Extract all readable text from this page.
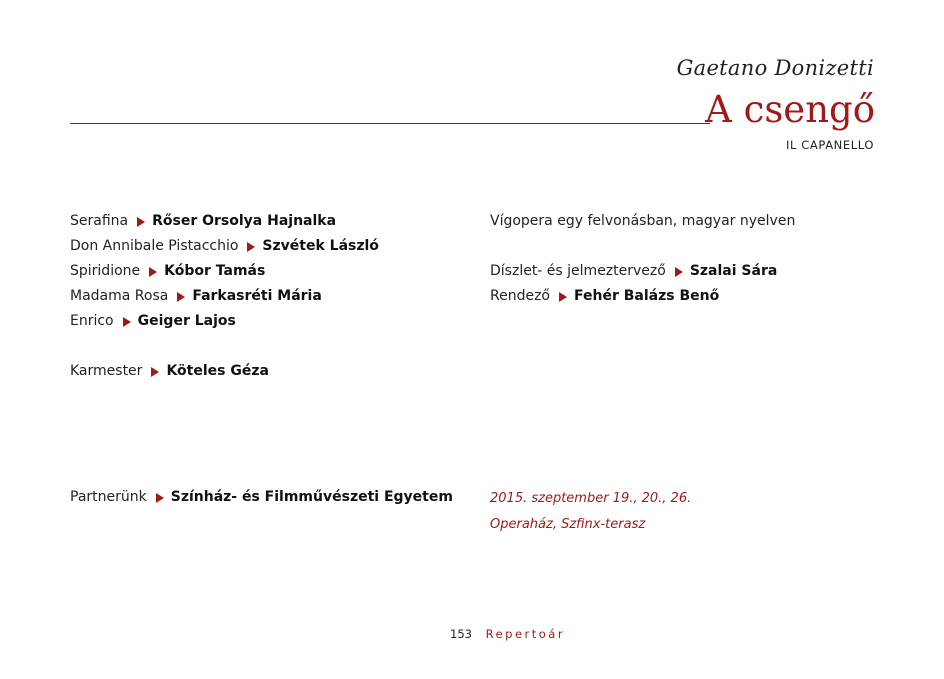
Gaetano Donizetti
A csengő
IL CAPANELLO
Serafina Rőser Orsolya Hajnalka
Don Annibale Pistacchio Szvétek László
Spiridione Kóbor Tamás
Madama Rosa Farkasréti Mária
Enrico Geiger Lajos
Karmester Köteles Géza
Vígopera egy felvonásban, magyar nyelven
Díszlet- és jelmeztervező Szalai Sára
Rendező Fehér Balázs Benő
Partnerünk Színház- és Filmművészeti Egyetem	2015. szeptember 19., 20., 26.
Operaház, Szfinx-terasz
153 Repertoár
